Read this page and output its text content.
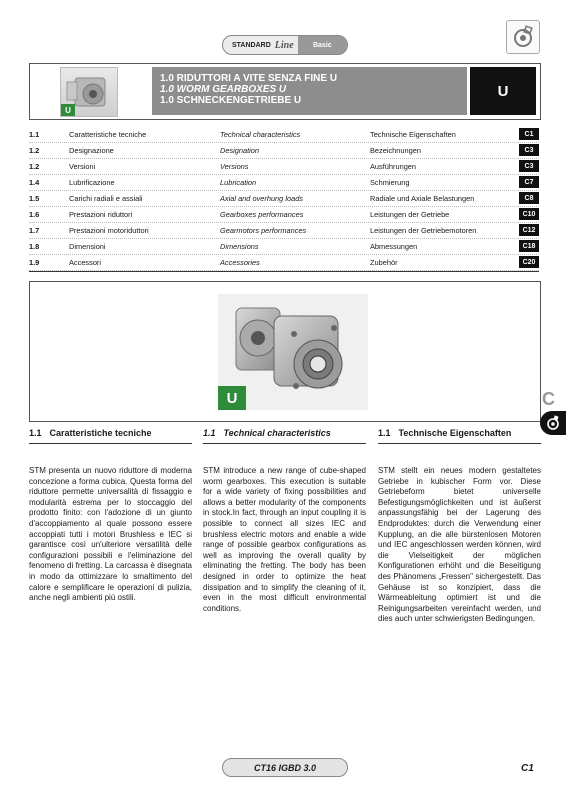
STANDARD Line	Basic
U
1.0 RIDUTTORI A VITE SENZA FINE U
1.0 WORM GEARBOXES U
1.0 SCHNECKENGETRIEBE U
U
1.1	Caratteristiche tecniche	Technical characteristics	Technische Eigenschaften	C1
1.2	Designazione	Designation	Bezeichnungen	C3
1.2	Versioni	Versions	Ausführungen	C3
1.4	Lubrificazione	Lubrication	Schmierung	C7
1.5	Carichi radiali e assiali	Axial and overhung loads	Radiale und Axiale Belastungen	C8
1.6	Prestazioni riduttori	Gearboxes performances	Leistungen der Getriebe	C10
1.7	Prestazioni motoriduttori	Gearmotors performances	Leistungen der Getriebemotoren	C12
1.8	Dimensioni	Dimensions	Abmessungen	C18
1.9	Accessori	Accessories	Zubehör	C20
U	C
1.1 Caratteristiche tecniche

STM presenta un nuovo riduttore di moderna concezione a forma cubica. Questa forma del riduttore permette universalità di fissaggio e modularità estrema per lo stoccaggio del prodotto finito: con l'adozione di un giunto d'accoppiamento al quale possono essere accoppiati tutti i motori Brushless e IEC si garantisce così un'ulteriore versatilità delle configurazioni possibili e l'eliminazione del fenomeno di fretting. La carcassa è disegnata in modo da ottimizzare lo smaltimento del calore e semplificare le operazioni di pulizia, anche negli ambienti più ostili.

1.1 Technical characteristics

STM introduce a new range of cube-shaped worm gearboxes. This execution is suitable for a wide variety of fixing possibilities and allows a better modularity of the components in stock.In fact, through an input coupling it is possible to connect all sizes IEC and brushless electric motors and enable a wide range of possible gearbox configurations as well as improving the overall quality by eliminating the fretting. The body has been designed in order to optimize the heat dissipation and to simplify the cleaning of it, even in the most difficult environmental conditions.

1.1 Technische Eigenschaften

STM stellt ein neues modern gestaltetes Getriebe in kubischer Form vor. Diese Getriebeform bietet universelle Befestigungsmöglichkeiten und ist äußerst anpassungsfähig bei der Lagerung des Endproduktes: durch die Verwendung einer Kupplung, an die alle bürstenlosen Motoren und IEC angeschlossen werden können, wird die Vielseitigkeit der möglichen Konfigurationen erhöht und die Beseitigung des Phänomens „Fressen" sichergestellt. Das Gehäuse ist so konzipiert, dass die Wärmeableitung optimiert ist und die Reinigungsarbeiten vereinfacht werden, und dies auch unter schwierigsten Bedingungen.

CT16 IGBD 3.0	C1
